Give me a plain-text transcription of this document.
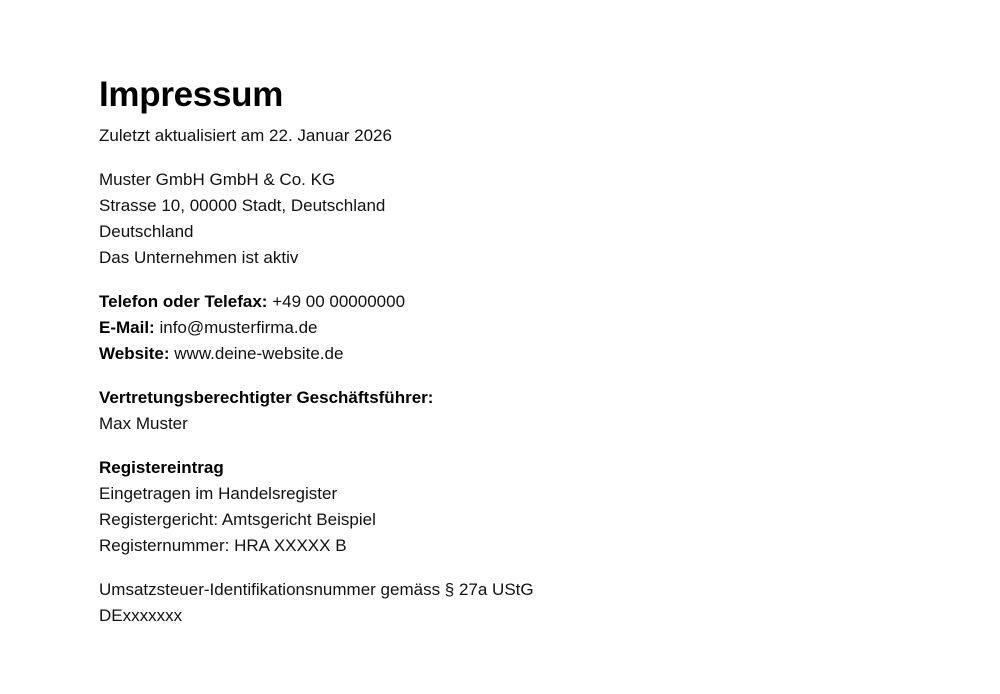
Impressum
Zuletzt aktualisiert am 22. Januar 2026
Muster GmbH GmbH & Co. KG
Strasse 10, 00000 Stadt, Deutschland
Deutschland
Das Unternehmen ist aktiv
Telefon oder Telefax: +49 00 00000000
E-Mail: info@musterfirma.de
Website: www.deine-website.de
Vertretungsberechtigter Geschäftsführer:
Max Muster
Registereintrag
Eingetragen im Handelsregister
Registergericht: Amtsgericht Beispiel
Registernummer: HRA XXXXX B
Umsatzsteuer-Identifikationsnummer gemäss § 27a UStG
DExxxxxxx
